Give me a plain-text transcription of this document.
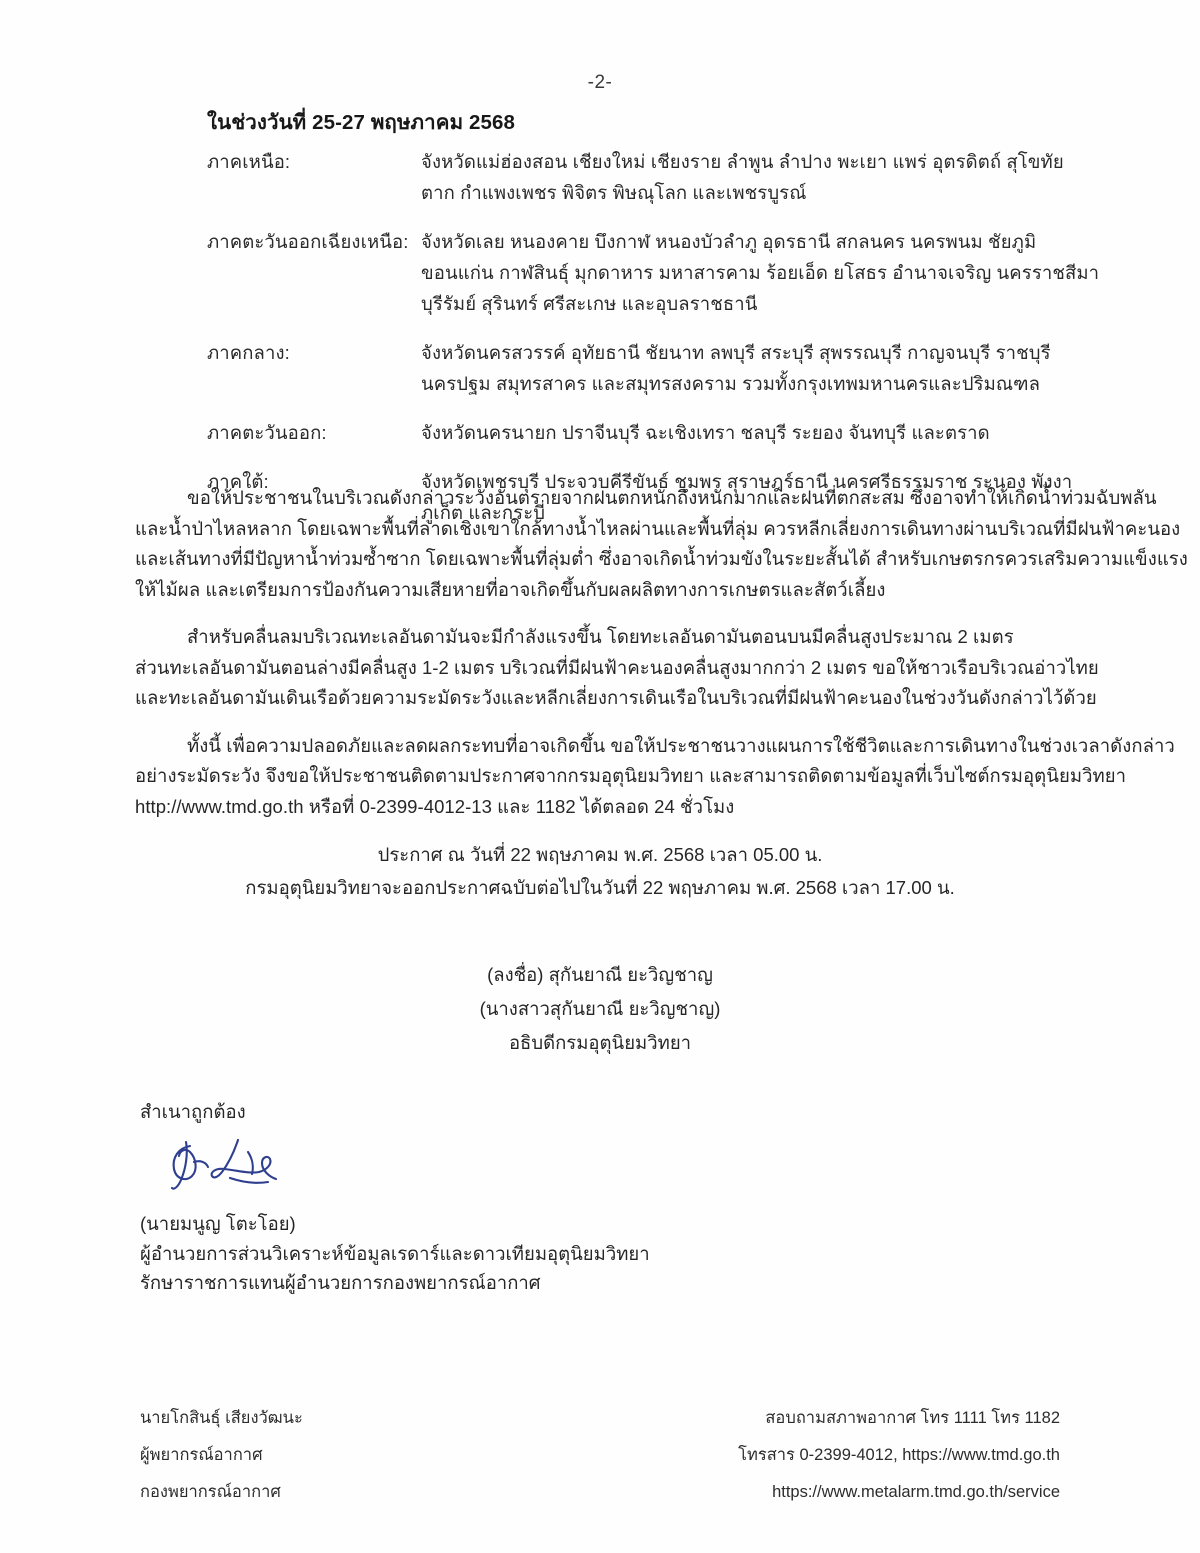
-2-
ในช่วงวันที่ 25-27 พฤษภาคม 2568
ภาคเหนือ:	จังหวัดแม่ฮ่องสอน เชียงใหม่ เชียงราย ลำพูน ลำปาง พะเยา แพร่ อุตรดิตถ์ สุโขทัย
ตาก กำแพงเพชร พิจิตร พิษณุโลก และเพชรบูรณ์
ภาคตะวันออกเฉียงเหนือ: จังหวัดเลย หนองคาย บึงกาฬ หนองบัวลำภู อุดรธานี สกลนคร นครพนม ชัยภูมิ
ขอนแก่น กาฬสินธุ์ มุกดาหาร มหาสารคาม ร้อยเอ็ด ยโสธร อำนาจเจริญ นครราชสีมา
บุรีรัมย์ สุรินทร์ ศรีสะเกษ และอุบลราชธานี
ภาคกลาง:	จังหวัดนครสวรรค์ อุทัยธานี ชัยนาท ลพบุรี สระบุรี สุพรรณบุรี กาญจนบุรี ราชบุรี
นครปฐม สมุทรสาคร และสมุทรสงคราม รวมทั้งกรุงเทพมหานครและปริมณฑล
ภาคตะวันออก:	จังหวัดนครนายก ปราจีนบุรี ฉะเชิงเทรา ชลบุรี ระยอง จันทบุรี และตราด
ภาคใต้:	จังหวัดเพชรบุรี ประจวบคีรีขันธ์ ชุมพร สุราษฎร์ธานี นครศรีธรรมราช ระนอง พังงา
ภูเก็ต และกระบี่
ขอให้ประชาชนในบริเวณดังกล่าวระวังอันตรายจากฝนตกหนักถึงหนักมากและฝนที่ตกสะสม ซึ่งอาจทำให้เกิดน้ำท่วมฉับพลัน
และน้ำป่าไหลหลาก โดยเฉพาะพื้นที่ลาดเชิงเขาใกล้ทางน้ำไหลผ่านและพื้นที่ลุ่ม ควรหลีกเลี่ยงการเดินทางผ่านบริเวณที่มีฝนฟ้าคะนอง
และเส้นทางที่มีปัญหาน้ำท่วมซ้ำซาก โดยเฉพาะพื้นที่ลุ่มต่ำ ซึ่งอาจเกิดน้ำท่วมขังในระยะสั้นได้ สำหรับเกษตรกรควรเสริมความแข็งแรง
ให้ไม้ผล และเตรียมการป้องกันความเสียหายที่อาจเกิดขึ้นกับผลผลิตทางการเกษตรและสัตว์เลี้ยง
สำหรับคลื่นลมบริเวณทะเลอันดามันจะมีกำลังแรงขึ้น โดยทะเลอันดามันตอนบนมีคลื่นสูงประมาณ 2 เมตร
ส่วนทะเลอันดามันตอนล่างมีคลื่นสูง 1-2 เมตร บริเวณที่มีฝนฟ้าคะนองคลื่นสูงมากกว่า 2 เมตร ขอให้ชาวเรือบริเวณอ่าวไทย
และทะเลอันดามันเดินเรือด้วยความระมัดระวังและหลีกเลี่ยงการเดินเรือในบริเวณที่มีฝนฟ้าคะนองในช่วงวันดังกล่าวไว้ด้วย
ทั้งนี้ เพื่อความปลอดภัยและลดผลกระทบที่อาจเกิดขึ้น ขอให้ประชาชนวางแผนการใช้ชีวิตและการเดินทางในช่วงเวลาดังกล่าว
อย่างระมัดระวัง จึงขอให้ประชาชนติดตามประกาศจากกรมอุตุนิยมวิทยา และสามารถติดตามข้อมูลที่เว็บไซต์กรมอุตุนิยมวิทยา
http://www.tmd.go.th หรือที่ 0-2399-4012-13 และ 1182 ได้ตลอด 24 ชั่วโมง
ประกาศ ณ วันที่ 22 พฤษภาคม พ.ศ. 2568 เวลา 05.00 น.
กรมอุตุนิยมวิทยาจะออกประกาศฉบับต่อไปในวันที่ 22 พฤษภาคม พ.ศ. 2568 เวลา 17.00 น.
(ลงชื่อ) สุกันยาณี ยะวิญชาญ
(นางสาวสุกันยาณี ยะวิญชาญ)
อธิบดีกรมอุตุนิยมวิทยา
สำเนาถูกต้อง
(นายมนูญ โตะโอย)
ผู้อำนวยการส่วนวิเคราะห์ข้อมูลเรดาร์และดาวเทียมอุตุนิยมวิทยา
รักษาราชการแทนผู้อำนวยการกองพยากรณ์อากาศ
นายโกสินธุ์ เสียงวัฒนะ
ผู้พยากรณ์อากาศ
กองพยากรณ์อากาศ
สอบถามสภาพอากาศ โทร 1111 โทร 1182
โทรสาร 0-2399-4012, https://www.tmd.go.th
https://www.metalarm.tmd.go.th/service
